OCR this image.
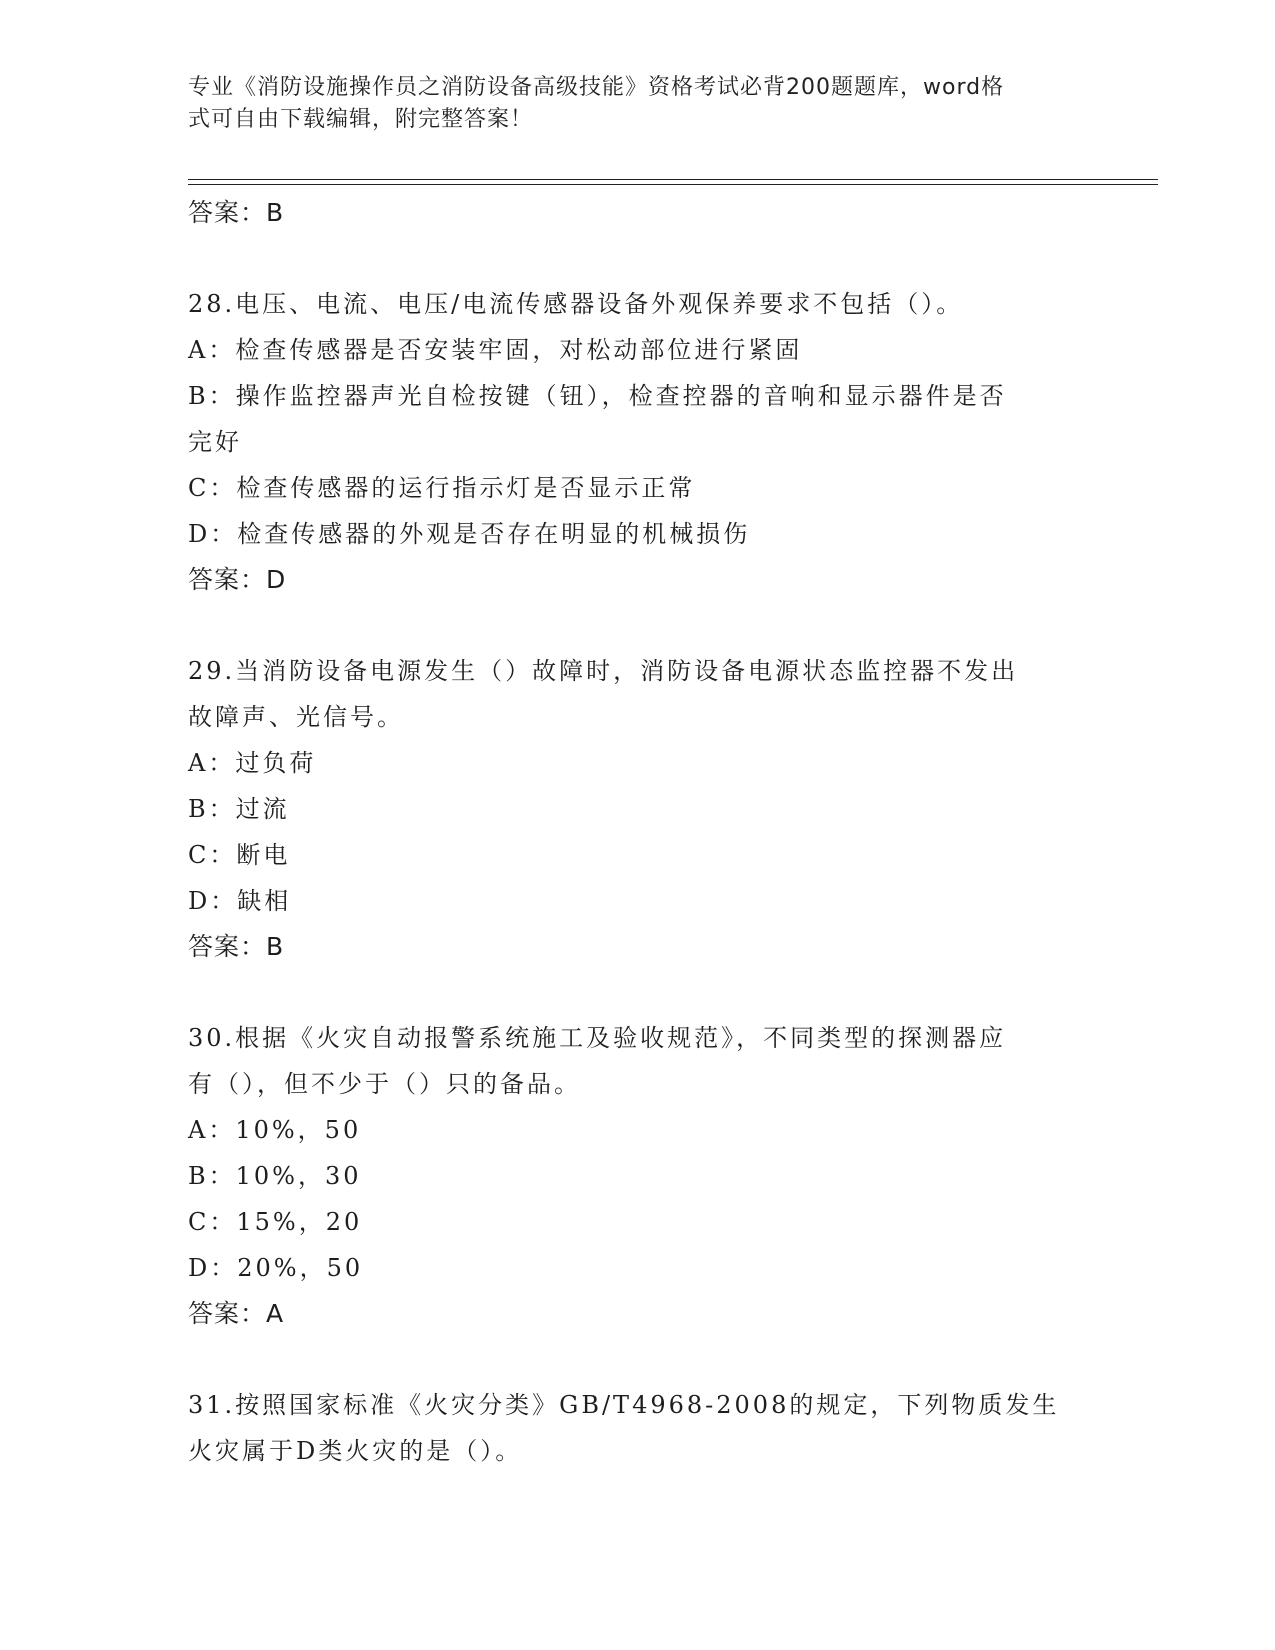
专业《消防设施操作员之消防设备高级技能》资格考试必背200题题库，word格
式可自由下载编辑，附完整答案！
答案：B
28.电压、电流、电压/电流传感器设备外观保养要求不包括（）。
A：检查传感器是否安装牢固，对松动部位进行紧固
B：操作监控器声光自检按键（钮），检查控器的音响和显示器件是否
完好
C：检查传感器的运行指示灯是否显示正常
D：检查传感器的外观是否存在明显的机械损伤
答案：D
29.当消防设备电源发生（）故障时，消防设备电源状态监控器不发出
故障声、光信号。
A：过负荷
B：过流
C：断电
D：缺相
答案：B
30.根据《火灾自动报警系统施工及验收规范》，不同类型的探测器应
有（），但不少于（）只的备品。
A：10%，50
B：10%，30
C：15%，20
D：20%，50
答案：A
31.按照国家标准《火灾分类》GB/T4968-2008的规定，下列物质发生
火灾属于D类火灾的是（）。
